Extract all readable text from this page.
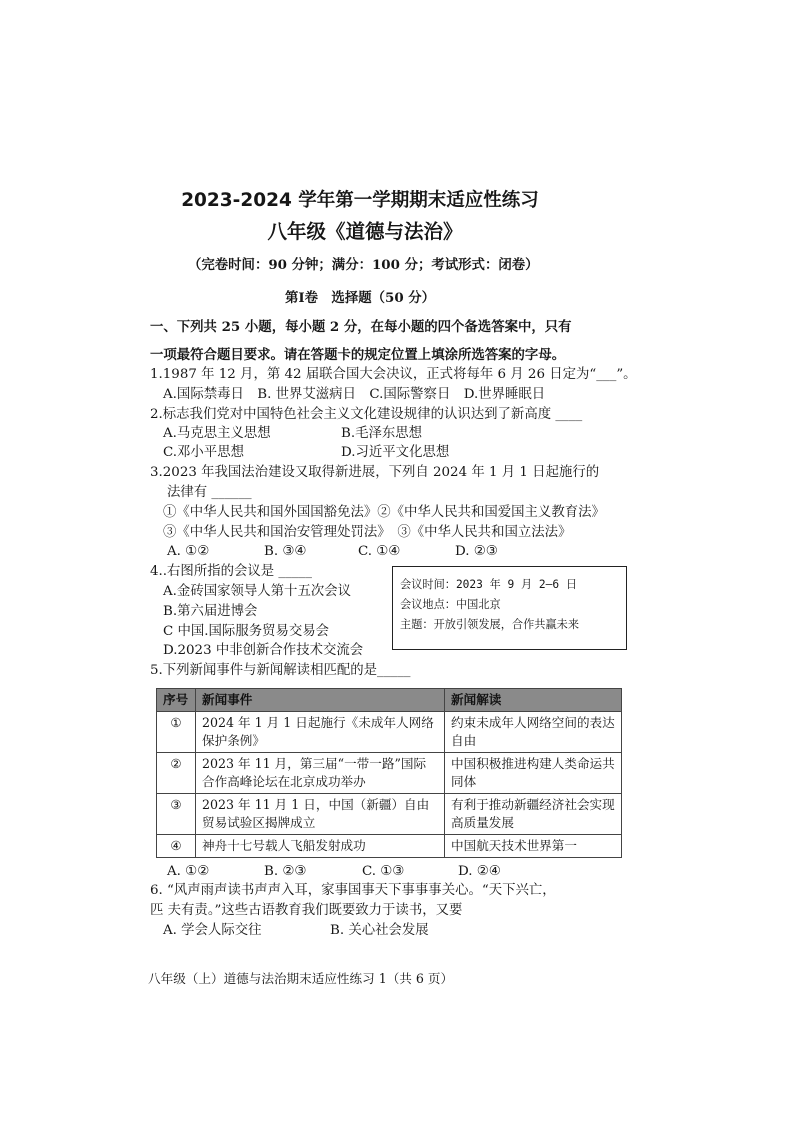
2023-2024 学年第一学期期末适应性练习
八年级《道德与法治》
（完卷时间：90 分钟；满分：100 分；考试形式：闭卷）
第Ⅰ卷　选择题（50 分）
一、下列共 25 小题，每小题 2 分，在每小题的四个备选答案中，只有
一项最符合题目要求。请在答题卡的规定位置上填涂所选答案的字母。
1.1987 年 12 月，第 42 届联合国大会决议，正式将每年 6 月 26 日定为“___”。
A.国际禁毒日　B. 世界艾滋病日　C.国际警察日　D.世界睡眠日
2.标志我们党对中国特色社会主义文化建设规律的认识达到了新高度 ____
A.马克思主义思想	B.毛泽东思想
C.邓小平思想	D.习近平文化思想
3.2023 年我国法治建设又取得新进展，下列自 2024 年 1 月 1 日起施行的
法律有 ______
①《中华人民共和国外国国豁免法》②《中华人民共和国爱国主义教育法》
③《中华人民共和国治安管理处罚法》　③《中华人民共和国立法法》
A. ①②	B. ③④	C. ①④	D. ②③
4..右图所指的会议是 _____
A.金砖国家领导人第十五次会议
B.第六届进博会
C 中国.国际服务贸易交易会
D.2023 中非创新合作技术交流会
会议时间：2023 年 9 月 2—6 日
会议地点：中国北京
主题：开放引领发展，合作共赢未来
5.下列新闻事件与新闻解读相匹配的是_____
序号	新闻事件	新闻解读
①	2024 年 1 月 1 日起施行《未成年人网络保护条例》	约束未成年人网络空间的表达自由
②	2023 年 11 月，第三届“一带一路”国际合作高峰论坛在北京成功举办	中国积极推进构建人类命运共同体
③	2023 年 11 月 1 日，中国（新疆）自由贸易试验区揭牌成立	有利于推动新疆经济社会实现高质量发展
④	神舟十七号载人飞船发射成功	中国航天技术世界第一
A. ①②	B. ②③	C. ①③	D. ②④
6. “风声雨声读书声声入耳，家事国事天下事事事关心。“天下兴亡，
匹 夫有责。”这些古语教育我们既要致力于读书，又要
A. 学会人际交往	B. 关心社会发展
八年级（上）道德与法治期末适应性练习 1（共 6 页）
